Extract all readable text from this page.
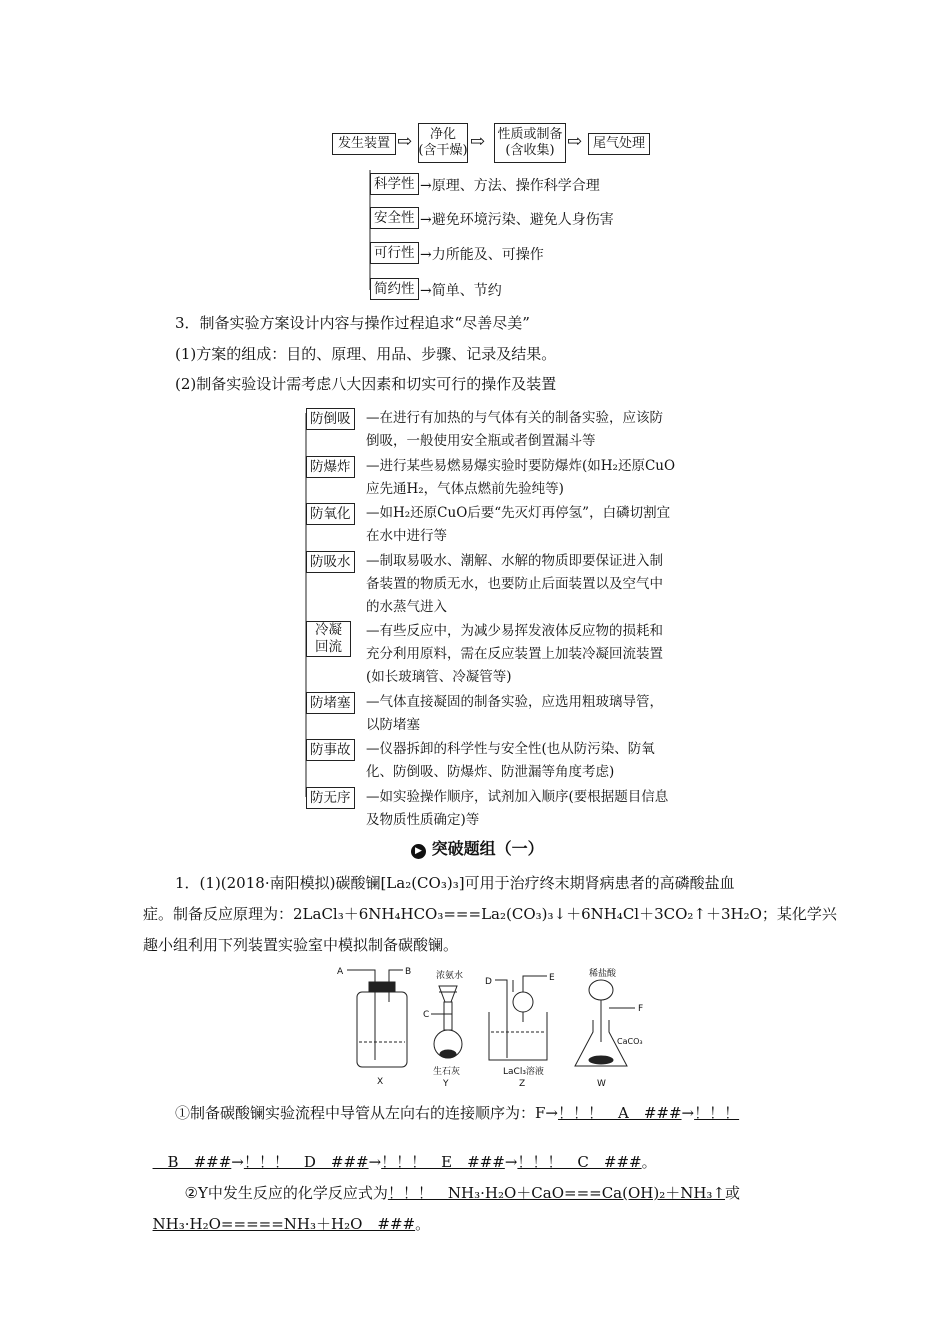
发生装置 ⇨	净化
(含干燥) ⇨ 性质或制备
(含收集) ⇨ 尾气处理
科学性 →原理、方法、操作科学合理
安全性 →避免环境污染、避免人身伤害
可行性 →力所能及、可操作
简约性 →简单、节约
3．制备实验方案设计内容与操作过程追求“尽善尽美”
(1)方案的组成：目的、原理、用品、步骤、记录及结果。
(2)制备实验设计需考虑八大因素和切实可行的操作及装置
防倒吸 —在进行有加热的与气体有关的制备实验，应该防倒吸，一般使用安全瓶或者倒置漏斗等
防爆炸 —进行某些易燃易爆实验时要防爆炸(如H₂还原CuO应先通H₂，气体点燃前先验纯等)
防氧化 —如H₂还原CuO后要“先灭灯再停氢”，白磷切割宜在水中进行等
防吸水 —制取易吸水、潮解、水解的物质即要保证进入制备装置的物质无水，也要防止后面装置以及空气中的水蒸气进入
冷凝
回流
—有些反应中，为减少易挥发液体反应物的损耗和充分利用原料，需在反应装置上加装冷凝回流装置(如长玻璃管、冷凝管等)
防堵塞 —气体直接凝固的制备实验，应选用粗玻璃导管，以防堵塞
防事故 —仪器拆卸的科学性与安全性(也从防污染、防氧化、防倒吸、防爆炸、防泄漏等角度考虑)
防无序 —如实验操作顺序，试剂加入顺序(要根据题目信息及物质性质确定)等
▶ 突破题组（一）
1．(1)(2018·南阳模拟)碳酸镧[La₂(CO₃)₃]可用于治疗终末期肾病患者的高磷酸盐血
症。制备反应原理为：2LaCl₃＋6NH₄HCO₃===La₂(CO₃)₃↓＋6NH₄Cl＋3CO₂↑＋3H₂O；某化学兴
趣小组利用下列装置实验室中模拟制备碳酸镧。
A	B
X
浓氨水
C
生石灰
Y
D	E
LaCl₃溶液
Z
稀盐酸
F
CaCO₃
W
①制备碳酸镧实验流程中导管从左向右的连接顺序为：F→！！！　A　###→！！！

　B　###→！！！　D　###→！！！　E　###→！！！　C　###。

②Y中发生反应的化学反应式为！！！　NH₃·H₂O＋CaO===Ca(OH)₂＋NH₃↑或

NH₃·H₂O=====NH₃＋H₂O　###。
